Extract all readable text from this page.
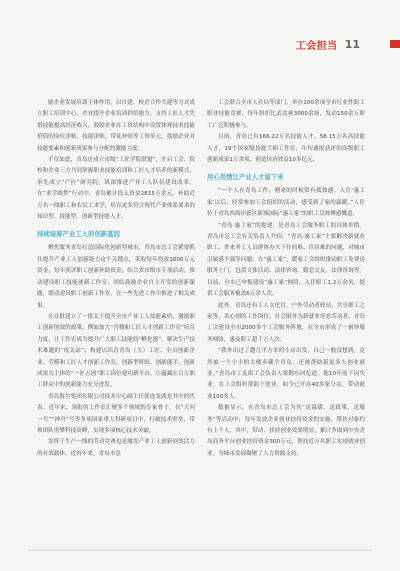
工会担当 11

励企业发展培训主体作用，以自建、校企合作共建等方式成立职工培训中心，企业提升企业培训供给能力，支持工匠人才凭借技能提高经济收入，鼓励企业在工资结构中设置体现技术技能价值的岗位津贴、技能津贴，带徒补贴等工资单元，鼓励企业对技能要素和创新成果参与分配的激励力度。

不仅如此，青岛还成立市级“工匠学院联盟”，开启工会、院校和企业三方共同掌握职业技能培训和工匠人才培养的新模式，率先成立“产匠”研究院，纵深推进产业工人队伍建设改革。在“求学圆梦”行动中，青岛累计投入资金2815万余元，补助近万名一线职工和农民工求学，培育更多符合现代产业体系要求的知识型、技能型、创新型技能人才。

持续培厚产业工人的创新基因

聚焦服务青岛打造国际化创新型城市，青岛市总工会紧要抓住提升产业工人创新能力这个关键点，采取每年投放1000万元资金，每年获评职工创新补助资金，结合省市级市专项活动，推动建设职工技能创新工作室，团结鼓励企业自主开发的创新课题，联动建设职工创新工作室，在一些先进工作中推进了相关成果。

在首批建立了一批关于提升全市产业工人技能素质，激励职工创新创效的政策，例如加大“营楼和工匠人才创新工作室”培育力度，让工作室成为提升广大职工技能的“孵化器”，解决生产技术难题的“攻关站”；构建以培育青岛（大）工匠、全员创新企业、劳模和工匠人才创新工作室、创新型班组、创新能手、创新成果为主体的“一匠五创”职工岗位建功新平台，让蕴藏在百万职工群众中的创新能力充分迸发。

青岛海尔集团有限公司技术中心副主任张连龙就是其中的代表。近年来，领衔的工作室汇聚多个领域的专家骨干，在“天问一号”“神舟”号等多项国家重大科研项目中，打破技术壁垒，带领团队勇攀科技高峰，实现多项核心技术突破。

发挥千生产一线的劳动竞赛也是激发产业工人创新创效活力的有效载体。近再年来，青岛市总

工会联合全市人社局等部门，举办100余项全市行业性职工职业技能竞赛，每年组织比武竞赛3000余场，发动150余万职工广泛积极参与。

目前，青岛已有166.22万名技能人才，58.15万名高技能人才，19个国家级技能大师工作室，年均通报获评的高级职工创新成果1万余项，创造经济效益10多亿元。

用心用情让产业人才留下来

“一个人在青岛工作，刚来的时候常有孤独感，入住‘惠工家’以后，经常参加工会组织的活动，感受到了家的温暖。”人住位于青岛西海岸新区新城国际“惠工家”的职工吴师傅感慨道。

“青岛·惠工家”的提建，是青岛工会服务职工的具体举措。青岛市总工会有关负责人介绍，“青岛·惠工家”主要解决新就业职工、外来务工人员群体办天下住宿难、住房难的问题，对城市引属感不强等问题。在“惠工家”，暖家工会组织推动职工免费送服务上门，包括文体活动、法律咨询、婚恋交友、法律咨询等。目前，全市已申报建设“惠工家”网络，入住职工1.2万余名，提供工会服务覆盖6万余人次。

此外，青岛还有工人文化宫、户外劳动者驿站、共享职工之家等，省心到的工作岗位、社会服务为新就业形态劳动者、青岛工会建设全市2000多个工会服务阵地，在全市形成了一刻钟服务网络，惠及职工超千万人次。

“我外出过了趟几平方米的小店出发，自己一般没想到，竟然被一个小小的大楼卖藏全青岛，还被帮助新更多人创业就业。”青岛市工友街工会负责人梁勤东回忆道。他10年前下岗失业，在工会组织帮助下创业，如今已开办40多家分店，带动就业100多人。

数据显示，在青岛市总工会为其“送温暖、送政策、送服务”等活动中，每年发放企业创业扶持资金的实施，帮扶对象约有上千人，其中，带动、扶持创业效果明显，累计争取到中央青岛商务平台创业扶持资金300万元，帮扶近万名职工实现就业创业，为城市发展凝聚了人力资源支持。
